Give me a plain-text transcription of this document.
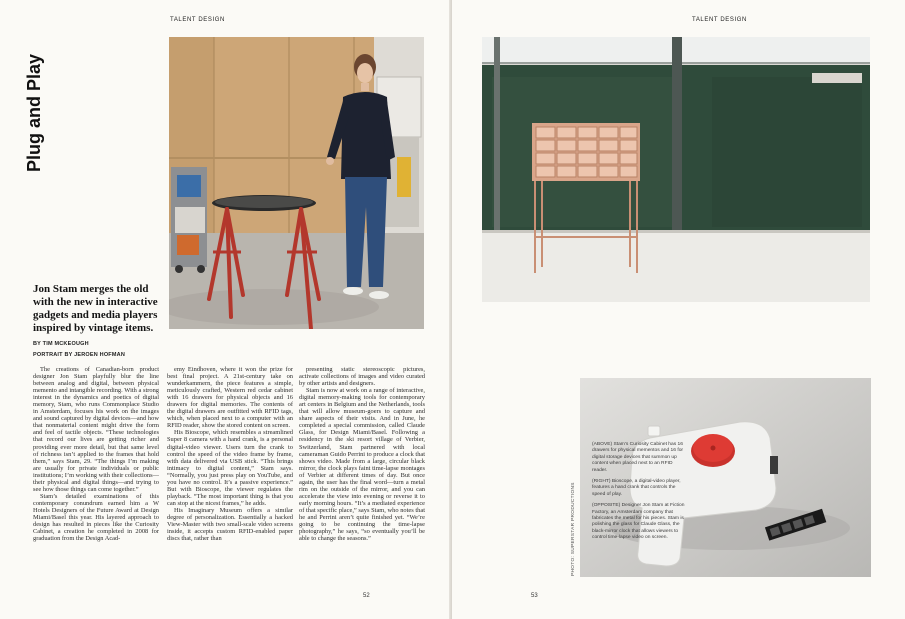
TALENT DESIGN
Plug and Play
Jon Stam merges the old with the new in interactive gadgets and media players inspired by vintage items.
BY TIM MCKEOUGH
PORTRAIT BY JEROEN HOFMAN

The creations of Canadian-born product designer Jon Stam playfully blur the line between analog and digital, between physical memento and intangible recording. With a strong interest in the dynamics and poetics of digital memory, Stam, who runs Commonplace Studio in Amsterdam, focuses his work on the images and sound captured by digital devices—and how that nonmaterial content might drive the form and feel of tactile objects. “These technologies that record our lives are getting richer and providing ever more detail, but that same level of richness isn’t applied to the frames that hold them,” says Stam, 29. “The things I’m making are usually for private individuals or public institutions; I’m working with their collections—their physical and digital things—and trying to see how those things can come together.”

Stam’s detailed examinations of this contemporary conundrum earned him a W Hotels Designers of the Future Award at Design Miami/Basel this year. His layered approach to design has resulted in pieces like the Curiosity Cabinet, a creation he completed in 2008 for graduation from the Design Acad-

emy Eindhoven, where it won the prize for best final project. A 21st-century take on wunderkammern, the piece features a simple, meticulously crafted, Western red cedar cabinet with 16 drawers for physical objects and 16 drawers for digital memories. The contents of the digital drawers are outfitted with RFID tags, which, when placed next to a computer with an RFID reader, show the stored content on screen.

His Bioscope, which resembles a streamlined Super 8 camera with a hand crank, is a personal digital-video viewer. Users turn the crank to control the speed of the video frame by frame, with data delivered via USB stick. “This brings intimacy to digital content,” Stam says. “Normally, you just press play on YouTube, and you have no control. It’s a passive experience.” But with Bioscope, the viewer regulates the playback. “The most important thing is that you can stop at the nicest frames,” he adds.

His Imaginary Museum offers a similar degree of personalization. Essentially a hacked View-Master with two small-scale video screens inside, it accepts custom RFID-enabled paper discs that, rather than

presenting static stereoscopic pictures, activate collections of images and video curated by other artists and designers.

Stam is now at work on a range of interactive, digital memory-making tools for contemporary art centers in Belgium and the Netherlands, tools that will allow museum-goers to capture and share aspects of their visits. And in June, he completed a special commission, called Claude Glass, for Design Miami/Basel. Following a residency in the ski resort village of Verbier, Switzerland, Stam partnered with local cameraman Guido Perrini to produce a clock that shows video. Made from a large, circular black mirror, the clock plays faint time-lapse montages of Verbier at different times of day. But once again, the user has the final word—turn a metal rim on the outside of the mirror, and you can accelerate the view into evening or reverse it to early morning hours. “It’s a mediated experience of that specific place,” says Stam, who notes that he and Perrini aren’t quite finished yet. “We’re going to be continuing the time-lapse photography,” he says, “so eventually you’ll be able to change the seasons.”

52
TALENT DESIGN

(ABOVE) Stam’s Curiosity Cabinet has 16 drawers for physical mementos and 16 for digital storage devices that summon up content when placed next to an RFID reader.

(RIGHT) Bioscope, a digital-video player, features a hand crank that controls the speed of play.

(OPPOSITE) Designer Jon Stam at Fiction Factory, an Amsterdam company that fabricates the metal for his pieces. Stam is polishing the glass for Claude Glass, the black-mirror clock that allows viewers to control time-lapse video on screen.

PHOTO: SUPERSTAR PRODUCTIONS
53
